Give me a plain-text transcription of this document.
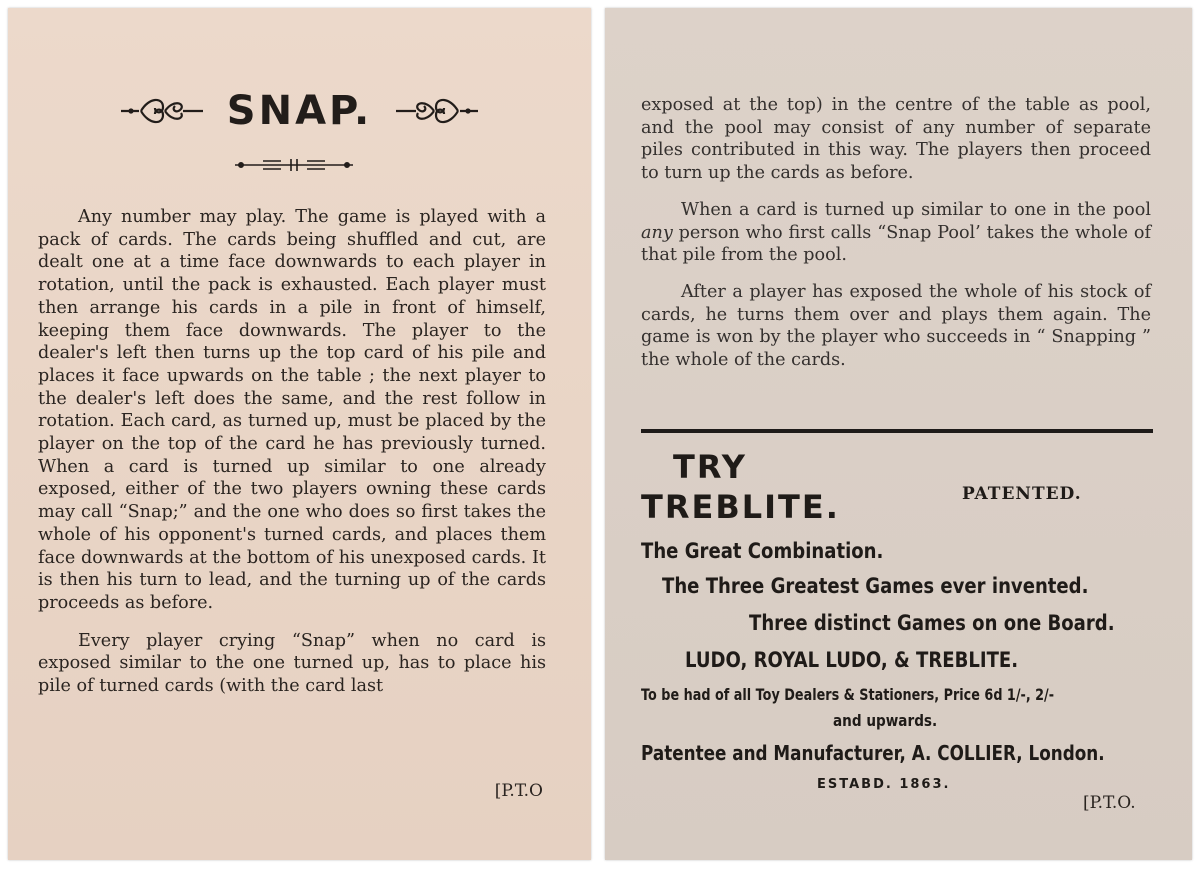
SNAP.

Any number may play. The game is played with a pack of cards. The cards being shuffled and cut, are dealt one at a time face downwards to each player in rotation, until the pack is exhausted. Each player must then arrange his cards in a pile in front of himself, keeping them face downwards. The player to the dealer's left then turns up the top card of his pile and places it face upwards on the table ; the next player to the dealer's left does the same, and the rest follow in rotation. Each card, as turned up, must be placed by the player on the top of the card he has previously turned. When a card is turned up similar to one already exposed, either of the two players owning these cards may call “Snap;” and the one who does so first takes the whole of his opponent's turned cards, and places them face downwards at the bottom of his unexposed cards. It is then his turn to lead, and the turning up of the cards proceeds as before.

Every player crying “Snap” when no card is exposed similar to the one turned up, has to place his pile of turned cards (with the card last

[P.T.O

exposed at the top) in the centre of the table as pool, and the pool may consist of any number of separate piles contributed in this way. The players then proceed to turn up the cards as before.

When a card is turned up similar to one in the pool any person who first calls “Snap Pool’ takes the whole of that pile from the pool.

After a player has exposed the whole of his stock of cards, he turns them over and plays them again. The game is won by the player who succeeds in “ Snapping ” the whole of the cards.

TRY
TREBLITE.	PATENTED.
The Great Combination.
The Three Greatest Games ever invented.
Three distinct Games on one Board.
LUDO, ROYAL LUDO, & TREBLITE.
To be had of all Toy Dealers & Stationers, Price 6d 1/-, 2/-
and upwards.
Patentee and Manufacturer, A. COLLIER, London.
ESTABD. 1863.
[P.T.O.
